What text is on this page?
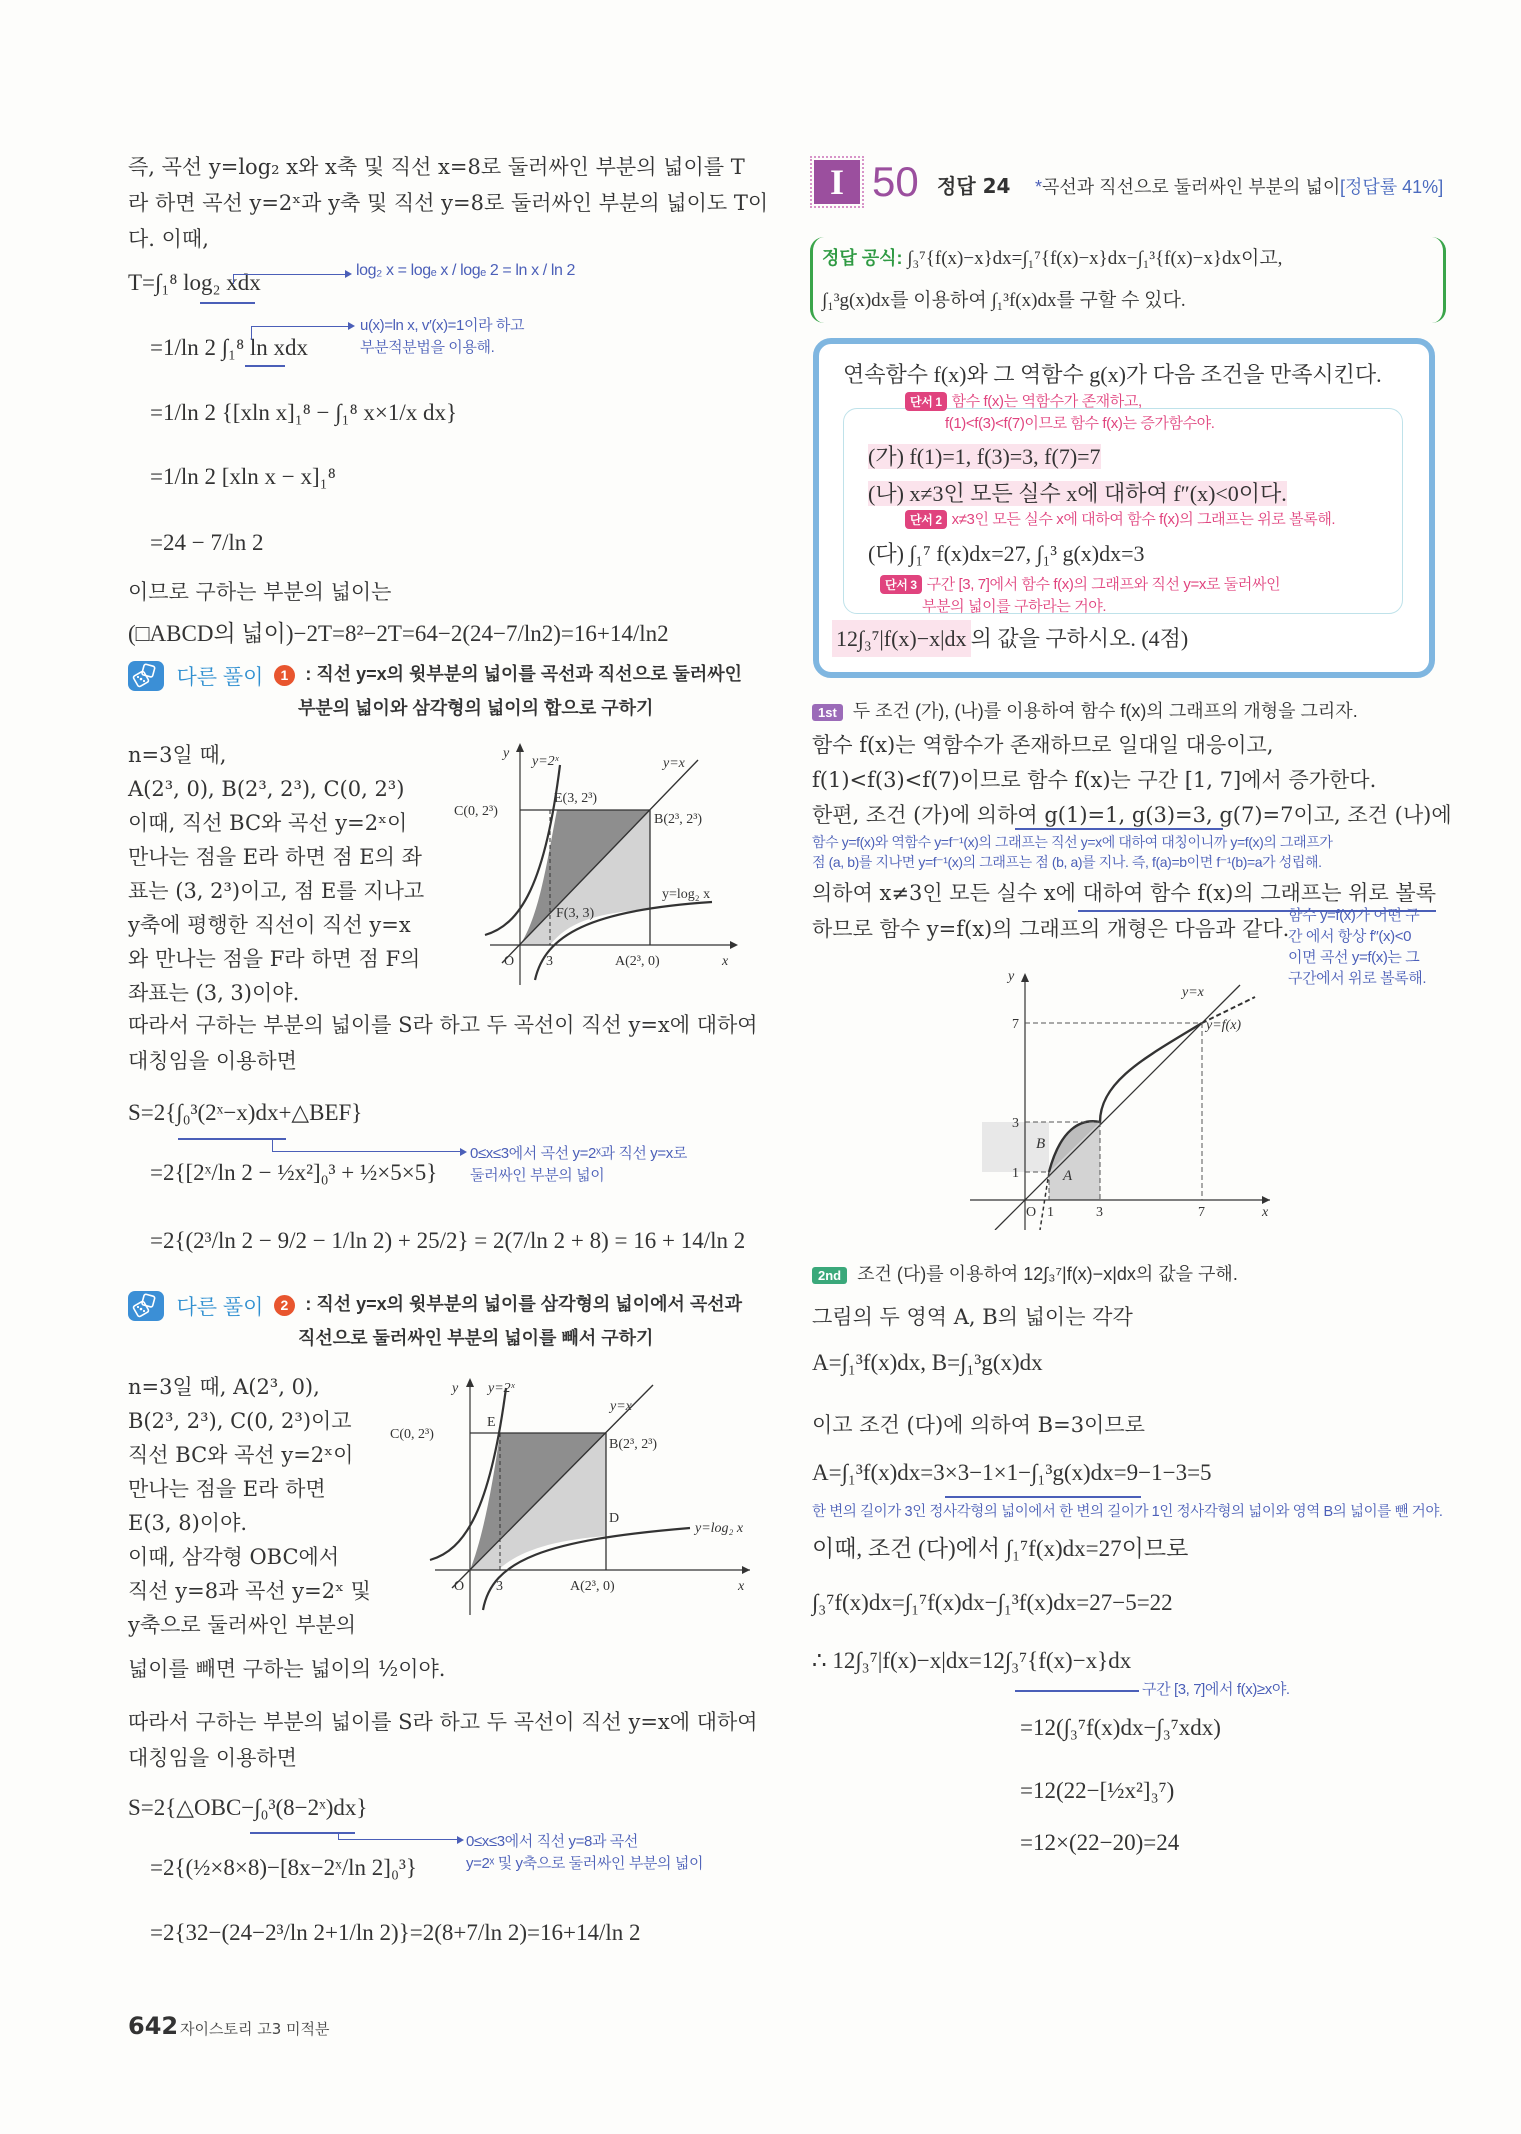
즉, 곡선 y=log₂ x와 x축 및 직선 x=8로 둘러싸인 부분의 넓이를 T
라 하면 곡선 y=2ˣ과 y축 및 직선 y=8로 둘러싸인 부분의 넓이도 T이
다. 이때,
T=∫₁⁸ log₂ xdx	log₂ x = logₑ x / logₑ 2 = ln x / ln 2
=1/ln 2 ∫₁⁸ ln xdx
u(x)=ln x, v′(x)=1이라 하고
부분적분법을 이용해.
=1/ln 2 {[xln x]₁⁸ − ∫₁⁸ x×1/x dx}
=1/ln 2 [xln x − x]₁⁸
=24 − 7/ln 2
이므로 구하는 부분의 넓이는
(□ABCD의 넓이)−2T=8²−2T=64−2(24−7/ln2)=16+14/ln2
다른 풀이 1 : 직선 y=x의 윗부분의 넓이를 곡선과 직선으로 둘러싸인
부분의 넓이와 삼각형의 넓이의 합으로 구하기
n=3일 때,
A(2³, 0), B(2³, 2³), C(0, 2³)
이때, 직선 BC와 곡선 y=2ˣ이
만나는 점을 E라 하면 점 E의 좌
표는 (3, 2³)이고, 점 E를 지나고
y축에 평행한 직선이 직선 y=x
와 만나는 점을 F라 하면 점 F의
좌표는 (3, 3)이야.
y
y=2ˣ	y=x
E(3, 2³)
C(0, 2³)
B(2³, 2³)
y=log₂ x
F(3, 3)
O 3	A(2³, 0)	x
따라서 구하는 부분의 넓이를 S라 하고 두 곡선이 직선 y=x에 대하여
대칭임을 이용하면
S=2{∫₀³(2ˣ−x)dx+△BEF}
0≤x≤3에서 곡선 y=2ˣ과 직선 y=x로
둘러싸인 부분의 넓이
=2{[2ˣ/ln 2 − ½x²]₀³ + ½×5×5}
=2{(2³/ln 2 − 9/2 − 1/ln 2) + 25/2} = 2(7/ln 2 + 8) = 16 + 14/ln 2
다른 풀이 2 : 직선 y=x의 윗부분의 넓이를 삼각형의 넓이에서 곡선과
직선으로 둘러싸인 부분의 넓이를 빼서 구하기
n=3일 때, A(2³, 0),
B(2³, 2³), C(0, 2³)이고
직선 BC와 곡선 y=2ˣ이
만나는 점을 E라 하면
E(3, 8)이야.
이때, 삼각형 OBC에서
직선 y=8과 곡선 y=2ˣ 및
y축으로 둘러싸인 부분의
y y=2ˣ
y=x
E
C(0, 2³)
B(2³, 2³)
D
y=log₂ x
O 3	A(2³, 0)	x
넓이를 빼면 구하는 넓이의 ½이야.
따라서 구하는 부분의 넓이를 S라 하고 두 곡선이 직선 y=x에 대하여
대칭임을 이용하면
S=2{△OBC−∫₀³(8−2ˣ)dx}
0≤x≤3에서 직선 y=8과 곡선
y=2ˣ 및 y축으로 둘러싸인 부분의 넓이
=2{(½×8×8)−[8x−2ˣ/ln 2]₀³}
=2{32−(24−2³/ln 2+1/ln 2)}=2(8+7/ln 2)=16+14/ln 2
I 50 정답 24 *곡선과 직선으로 둘러싸인 부분의 넓이 [정답률 41%]
정답 공식: ∫₃⁷{f(x)−x}dx=∫₁⁷{f(x)−x}dx−∫₁³{f(x)−x}dx이고,
∫₁³g(x)dx를 이용하여 ∫₁³f(x)dx를 구할 수 있다.
연속함수 f(x)와 그 역함수 g(x)가 다음 조건을 만족시킨다.
단서 1 함수 f(x)는 역함수가 존재하고,
f(1)<f(3)<f(7)이므로 함수 f(x)는 증가함수야.
(가) f(1)=1, f(3)=3, f(7)=7
(나) x≠3인 모든 실수 x에 대하여 f″(x)<0이다.
단서 2 x≠3인 모든 실수 x에 대하여 함수 f(x)의 그래프는 위로 볼록해.
(다) ∫₁⁷ f(x)dx=27, ∫₁³ g(x)dx=3
단서 3 구간 [3, 7]에서 함수 f(x)의 그래프와 직선 y=x로 둘러싸인
부분의 넓이를 구하라는 거야.
12∫₃⁷|f(x)−x|dx 의 값을 구하시오. (4점)
1st 두 조건 (가), (나)를 이용하여 함수 f(x)의 그래프의 개형을 그리자.
함수 f(x)는 역함수가 존재하므로 일대일 대응이고,
f(1)<f(3)<f(7)이므로 함수 f(x)는 구간 [1, 7]에서 증가한다.
한편, 조건 (가)에 의하여 g(1)=1, g(3)=3, g(7)=7이고, 조건 (나)에
함수 y=f(x)와 역함수 y=f⁻¹(x)의 그래프는 직선 y=x에 대하여 대칭이니까 y=f(x)의 그래프가
점 (a, b)를 지나면 y=f⁻¹(x)의 그래프는 점 (b, a)를 지나. 즉, f(a)=b이면 f⁻¹(b)=a가 성립해.
의하여 x≠3인 모든 실수 x에 대하여 함수 f(x)의 그래프는 위로 볼록
하므로 함수 y=f(x)의 그래프의 개형은 다음과 같다.
함수 y=f(x)가 어떤 구
간 에서 항상 f″(x)<0
이면 곡선 y=f(x)는 그
구간에서 위로 볼록해.
y
y=x
y=f(x)
7
3
1
B
A
O 1	3	7	x
2nd 조건 (다)를 이용하여 12∫₃⁷|f(x)−x|dx의 값을 구해.
그림의 두 영역 A, B의 넓이는 각각
A=∫₁³f(x)dx, B=∫₁³g(x)dx
이고 조건 (다)에 의하여 B=3이므로
A=∫₁³f(x)dx=3×3−1×1−∫₁³g(x)dx=9−1−3=5
한 변의 길이가 3인 정사각형의 넓이에서 한 변의 길이가 1인 정사각형의 넓이와 영역 B의 넓이를 뺀 거야.
이때, 조건 (다)에서 ∫₁⁷f(x)dx=27이므로
∫₃⁷f(x)dx=∫₁⁷f(x)dx−∫₁³f(x)dx=27−5=22
∴ 12∫₃⁷|f(x)−x|dx=12∫₃⁷{f(x)−x}dx
구간 [3, 7]에서 f(x)≥x야.
=12(∫₃⁷f(x)dx−∫₃⁷xdx)
=12(22−[½x²]₃⁷)
=12×(22−20)=24
642 자이스토리 고3 미적분
